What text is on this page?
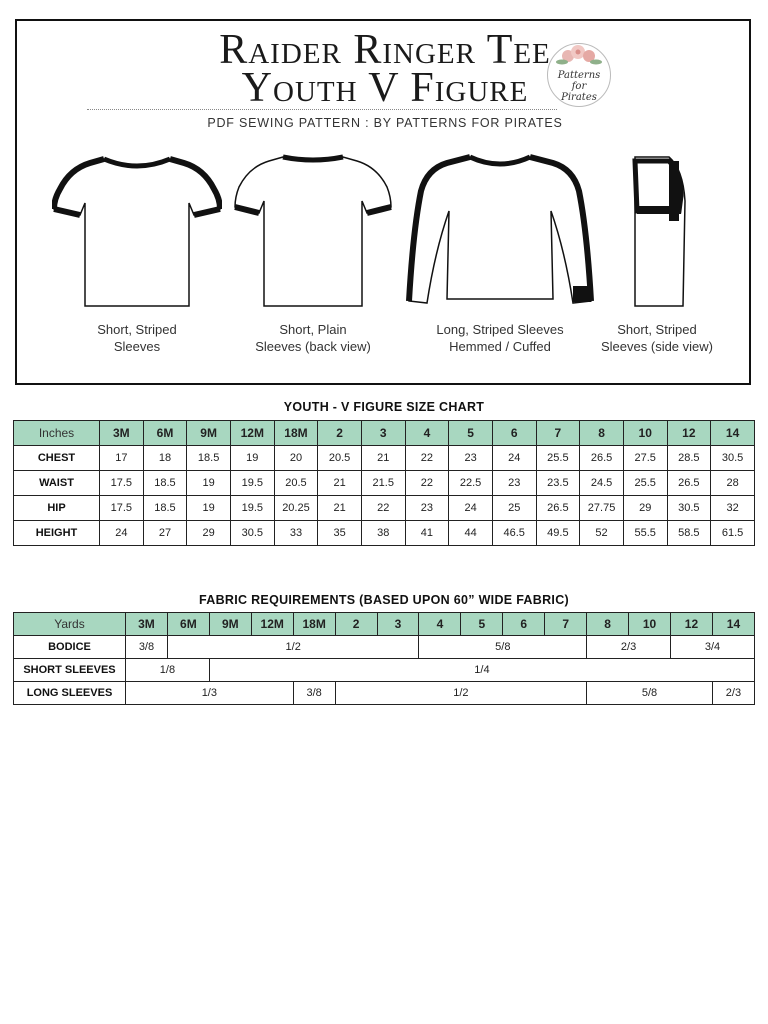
Raider Ringer Tee
Youth V Figure
PDF SEWING PATTERN : BY PATTERNS FOR PIRATES
Patterns
for
Pirates
Short, Striped
Sleeves
Short, Plain
Sleeves (back view)
Long, Striped Sleeves
Hemmed / Cuffed
Short, Striped
Sleeves (side view)
YOUTH - V FIGURE SIZE CHART
Inches	3M	6M	9M	12M	18M	2	3	4	5	6	7	8	10	12	14
CHEST	17	18	18.5	19	20	20.5	21	22	23	24	25.5	26.5	27.5	28.5	30.5
WAIST	17.5	18.5	19	19.5	20.5	21	21.5	22	22.5	23	23.5	24.5	25.5	26.5	28
HIP	17.5	18.5	19	19.5	20.25	21	22	23	24	25	26.5	27.75	29	30.5	32
HEIGHT	24	27	29	30.5	33	35	38	41	44	46.5	49.5	52	55.5	58.5	61.5
FABRIC REQUIREMENTS (BASED UPON 60” WIDE FABRIC)
Yards	3M	6M	9M	12M	18M	2	3	4	5	6	7	8	10	12	14
BODICE	3/8	1/2						5/8				2/3		3/4	
SHORT SLEEVES	1/8		1/4												
LONG SLEEVES	1/3				3/8	1/2						5/8			2/3
